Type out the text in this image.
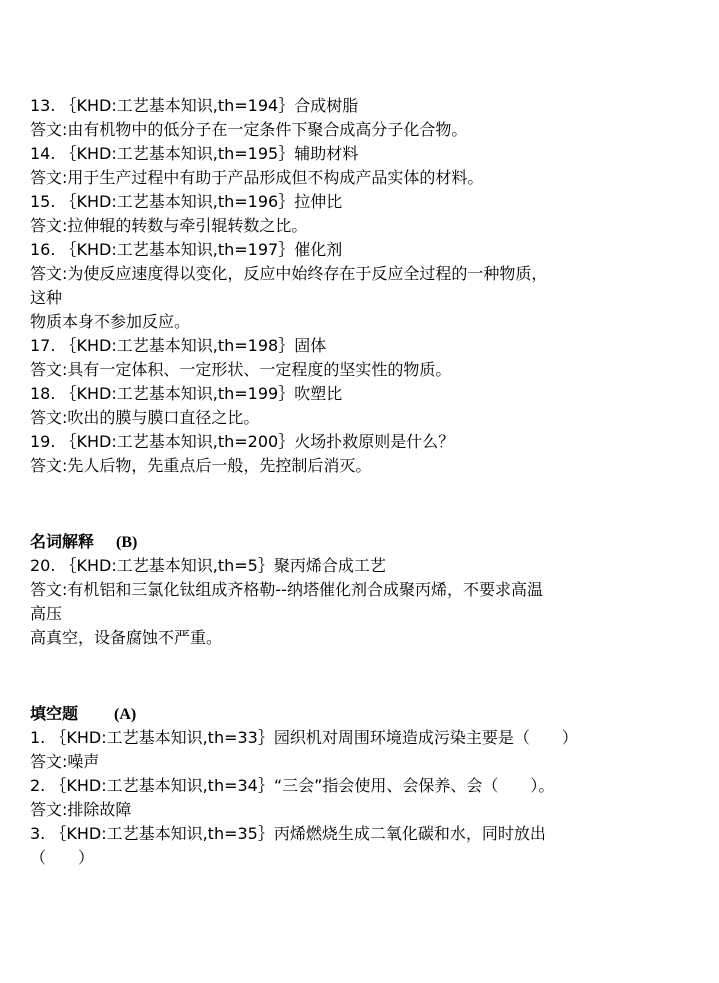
13. ｛KHD:工艺基本知识,th=194｝合成树脂
答文:由有机物中的低分子在一定条件下聚合成高分子化合物。
14. ｛KHD:工艺基本知识,th=195｝辅助材料
答文:用于生产过程中有助于产品形成但不构成产品实体的材料。
15. ｛KHD:工艺基本知识,th=196｝拉伸比
答文:拉伸辊的转数与牵引辊转数之比。
16. ｛KHD:工艺基本知识,th=197｝催化剂
答文:为使反应速度得以变化，反应中始终存在于反应全过程的一种物质，
这种
物质本身不参加反应。
17. ｛KHD:工艺基本知识,th=198｝固体
答文:具有一定体积、一定形状、一定程度的坚实性的物质。
18. ｛KHD:工艺基本知识,th=199｝吹塑比
答文:吹出的膜与膜口直径之比。
19. ｛KHD:工艺基本知识,th=200｝火场扑救原则是什么？
答文:先人后物，先重点后一般，先控制后消灭。
名词解释 (B)
20. ｛KHD:工艺基本知识,th=5｝聚丙烯合成工艺
答文:有机铝和三氯化钛组成齐格勒--纳塔催化剂合成聚丙烯，不要求高温
高压
高真空，设备腐蚀不严重。
填空题 (A)
1. ｛KHD:工艺基本知识,th=33｝园织机对周围环境造成污染主要是（　　）
答文:噪声
2. ｛KHD:工艺基本知识,th=34｝“三会”指会使用、会保养、会（　　）。
答文:排除故障
3. ｛KHD:工艺基本知识,th=35｝丙烯燃烧生成二氧化碳和水，同时放出
（　　）
